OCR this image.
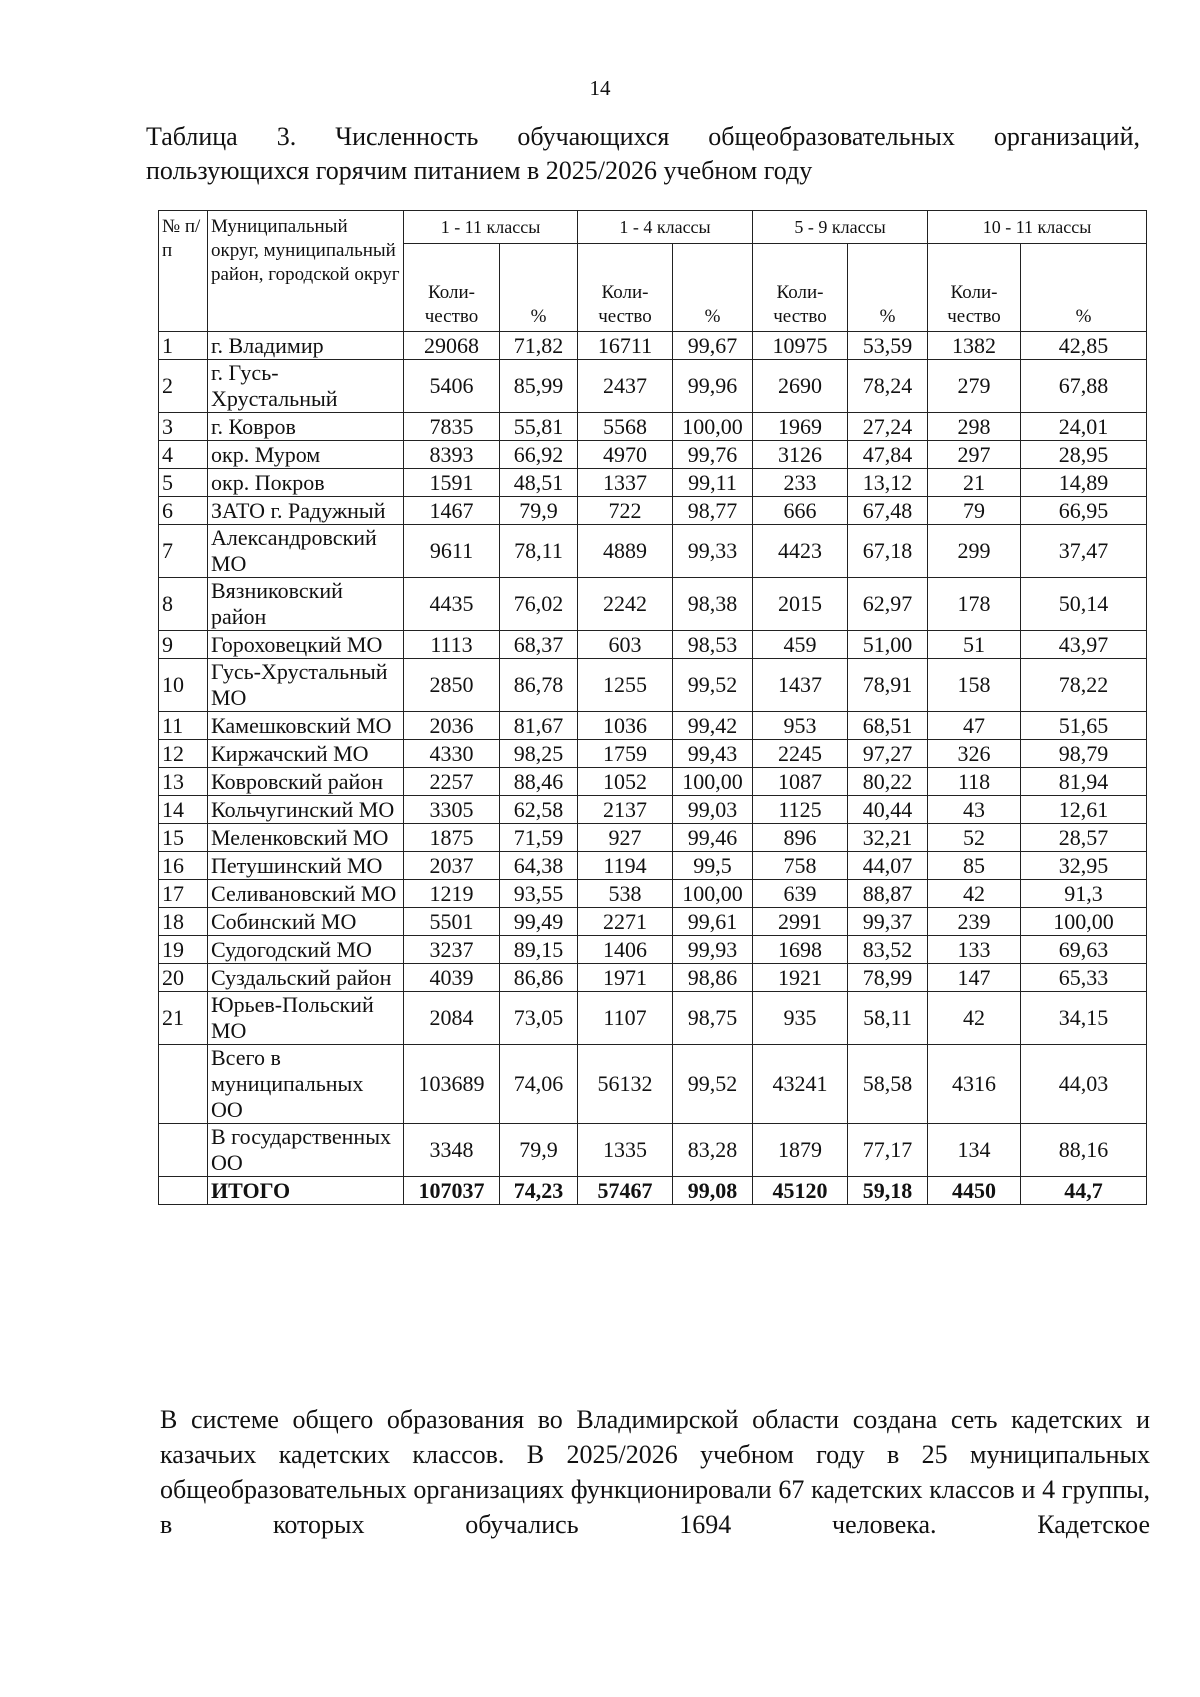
14
Таблица 3. Численность обучающихся общеобразовательных организаций, пользующихся горячим питанием в 2025/2026 учебном году
№ п/п	Муниципальный округ, муниципальный район, городской округ	1 - 11 классы		1 - 4 классы		5 - 9 классы		10 - 11 классы	
		Коли-чество	%	Коли-чество	%	Коли-чество	%	Коли-чество	%
1	г. Владимир	29068	71,82	16711	99,67	10975	53,59	1382	42,85
2	г. Гусь-Хрустальный	5406	85,99	2437	99,96	2690	78,24	279	67,88
3	г. Ковров	7835	55,81	5568	100,00	1969	27,24	298	24,01
4	окр. Муром	8393	66,92	4970	99,76	3126	47,84	297	28,95
5	окр. Покров	1591	48,51	1337	99,11	233	13,12	21	14,89
6	ЗАТО г. Радужный	1467	79,9	722	98,77	666	67,48	79	66,95
7	Александровский МО	9611	78,11	4889	99,33	4423	67,18	299	37,47
8	Вязниковский район	4435	76,02	2242	98,38	2015	62,97	178	50,14
9	Гороховецкий МО	1113	68,37	603	98,53	459	51,00	51	43,97
10	Гусь-Хрустальный МО	2850	86,78	1255	99,52	1437	78,91	158	78,22
11	Камешковский МО	2036	81,67	1036	99,42	953	68,51	47	51,65
12	Киржачский МО	4330	98,25	1759	99,43	2245	97,27	326	98,79
13	Ковровский район	2257	88,46	1052	100,00	1087	80,22	118	81,94
14	Кольчугинский МО	3305	62,58	2137	99,03	1125	40,44	43	12,61
15	Меленковский МО	1875	71,59	927	99,46	896	32,21	52	28,57
16	Петушинский МО	2037	64,38	1194	99,5	758	44,07	85	32,95
17	Селивановский МО	1219	93,55	538	100,00	639	88,87	42	91,3
18	Собинский МО	5501	99,49	2271	99,61	2991	99,37	239	100,00
19	Судогодский МО	3237	89,15	1406	99,93	1698	83,52	133	69,63
20	Суздальский район	4039	86,86	1971	98,86	1921	78,99	147	65,33
21	Юрьев-Польский МО	2084	73,05	1107	98,75	935	58,11	42	34,15
	Всего в муниципальных ОО	103689	74,06	56132	99,52	43241	58,58	4316	44,03
	В государственных ОО	3348	79,9	1335	83,28	1879	77,17	134	88,16
	ИТОГО	107037	74,23	57467	99,08	45120	59,18	4450	44,7
В системе общего образования во Владимирской области создана сеть кадетских и казачьих кадетских классов. В 2025/2026 учебном году в 25 муниципальных общеобразовательных организациях функционировали 67 кадетских классов и 4 группы, в которых обучались 1694 человека. Кадетское
